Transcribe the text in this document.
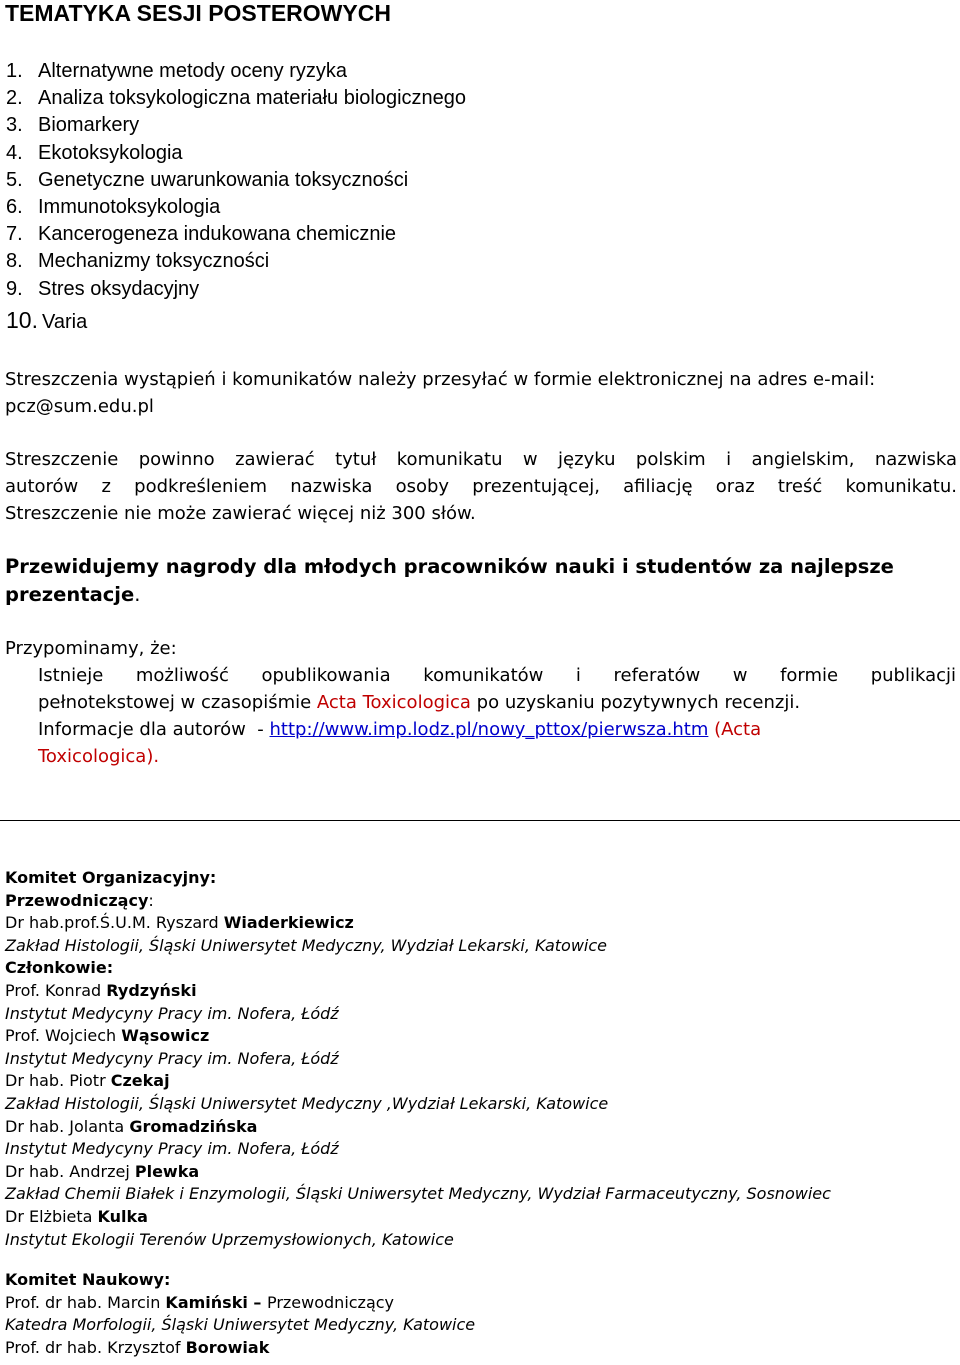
TEMATYKA SESJI POSTEROWYCH
1. Alternatywne metody oceny ryzyka
2. Analiza toksykologiczna materiału biologicznego
3. Biomarkery
4. Ekotoksykologia
5. Genetyczne uwarunkowania toksyczności
6. Immunotoksykologia
7. Kancerogeneza indukowana chemicznie
8. Mechanizmy toksyczności
9. Stres oksydacyjny
10. Varia
Streszczenia wystąpień i komunikatów należy przesyłać w formie elektronicznej na adres e-mail:
pcz@sum.edu.pl
Streszczenie powinno zawierać tytuł komunikatu w języku polskim i angielskim, nazwiska
autorów z podkreśleniem nazwiska osoby prezentującej, afiliację oraz treść komunikatu.
Streszczenie nie może zawierać więcej niż 300 słów.
Przewidujemy nagrody dla młodych pracowników nauki i studentów za najlepsze
prezentacje.
Przypominamy, że:
Istnieje możliwość opublikowania komunikatów i referatów w formie publikacji
pełnotekstowej w czasopiśmie Acta Toxicologica po uzyskaniu pozytywnych recenzji.
Informacje dla autorów  - http://www.imp.lodz.pl/nowy_pttox/pierwsza.htm (Acta
Toxicologica).
Komitet Organizacyjny:
Przewodniczący:
Dr hab.prof.Ś.U.M. Ryszard Wiaderkiewicz
Zakład Histologii, Śląski Uniwersytet Medyczny, Wydział Lekarski, Katowice
Członkowie:
Prof. Konrad Rydzyński
Instytut Medycyny Pracy im. Nofera, Łódź
Prof. Wojciech Wąsowicz
Instytut Medycyny Pracy im. Nofera, Łódź
Dr hab. Piotr Czekaj
Zakład Histologii, Śląski Uniwersytet Medyczny ,Wydział Lekarski, Katowice
Dr hab. Jolanta Gromadzińska
Instytut Medycyny Pracy im. Nofera, Łódź
Dr hab. Andrzej Plewka
Zakład Chemii Białek i Enzymologii, Śląski Uniwersytet Medyczny, Wydział Farmaceutyczny, Sosnowiec
Dr Elżbieta Kulka
Instytut Ekologii Terenów Uprzemysłowionych, Katowice
Komitet Naukowy:
Prof. dr hab. Marcin Kamiński – Przewodniczący
Katedra Morfologii, Śląski Uniwersytet Medyczny, Katowice
Prof. dr hab. Krzysztof Borowiak
